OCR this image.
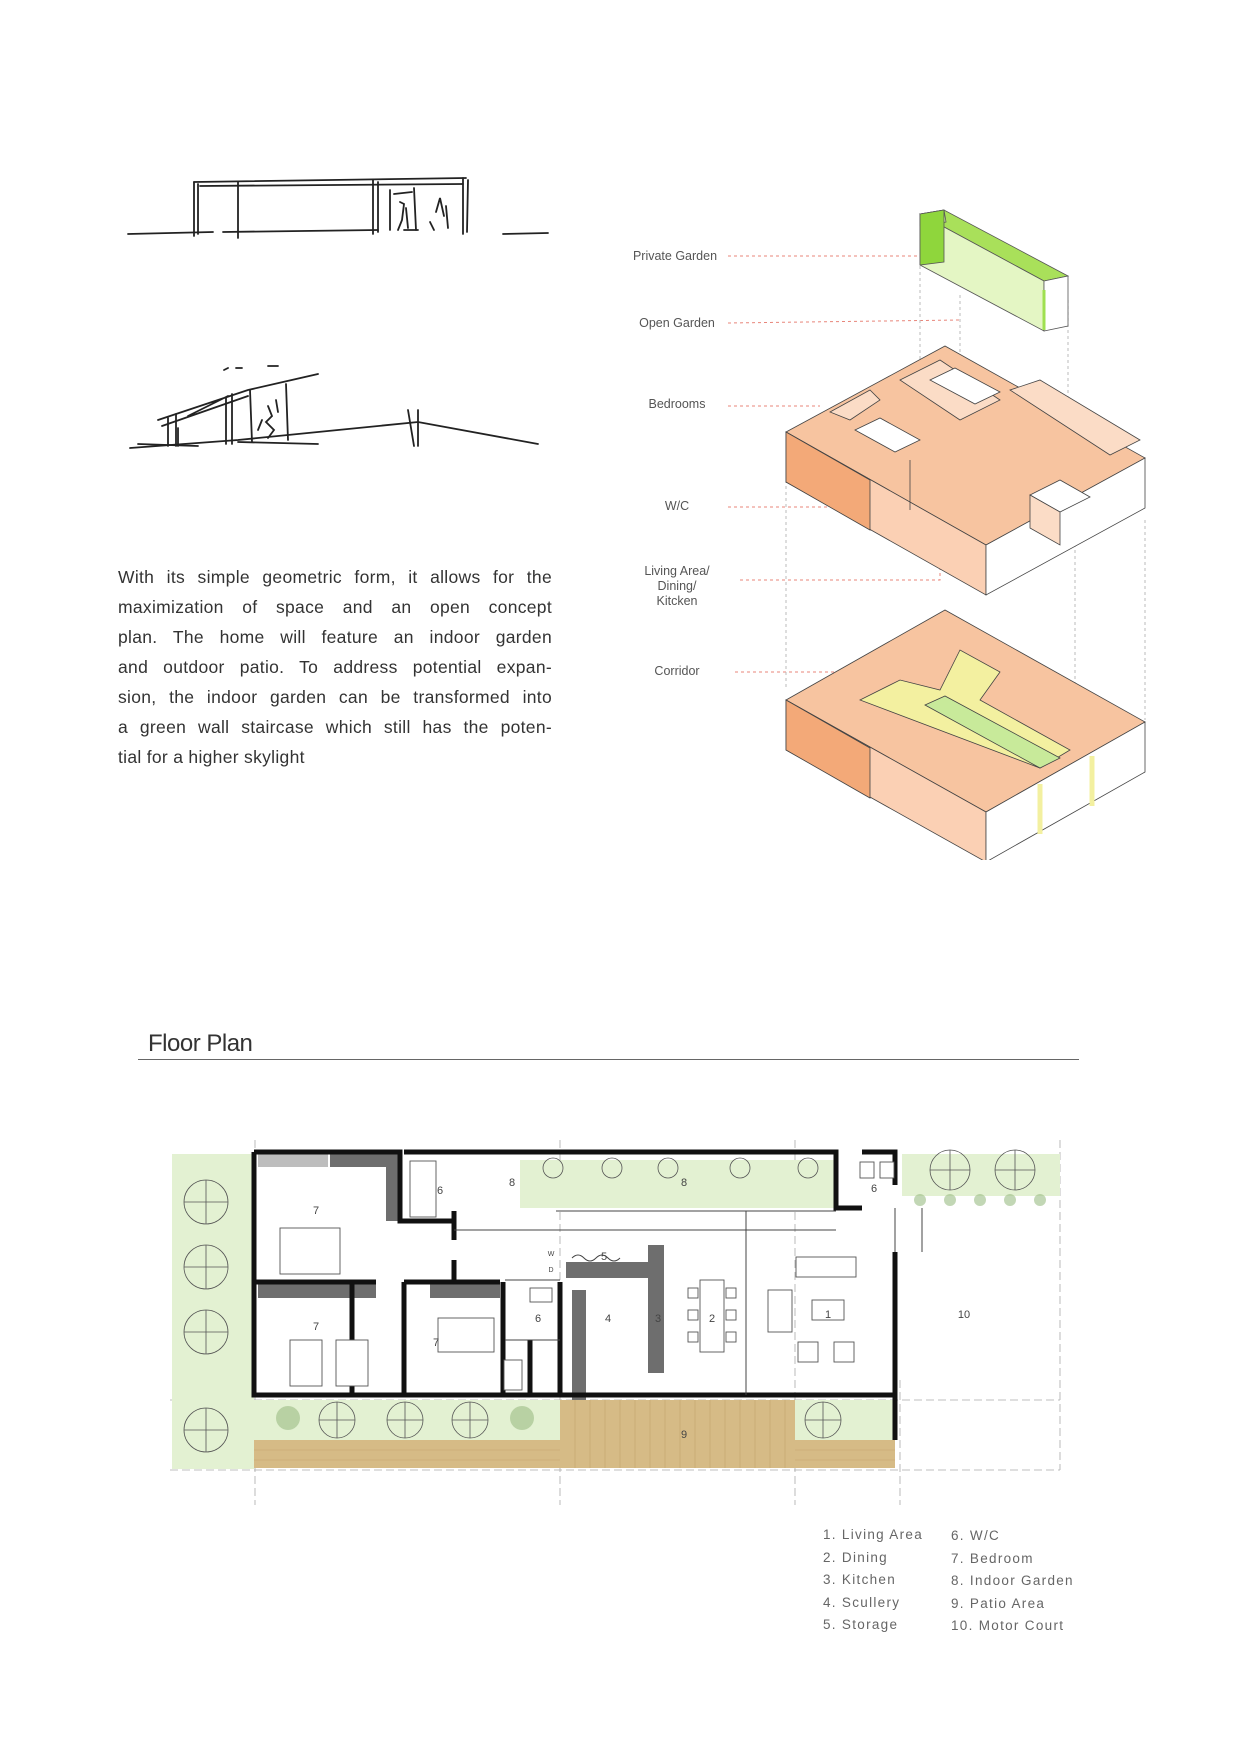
With its simple geometric form, it allows for the
maximization of space and an open concept
plan. The home will feature an indoor garden
and outdoor patio. To address potential expan-
sion, the indoor garden can be transformed into
a green wall staircase which still has the poten-
tial for a higher skylight
Private Garden
Open Garden
Bedrooms
W/C
Living Area/
Dining/
Kitcken
Corridor
Floor Plan
7
7
7
6
6
6
8	8
5
4	3	2	1
9
10
W
D
1. Living Area
2. Dining
3. Kitchen
4. Scullery
5. Storage
6. W/C
7. Bedroom
8. Indoor Garden
9. Patio Area
10. Motor Court
